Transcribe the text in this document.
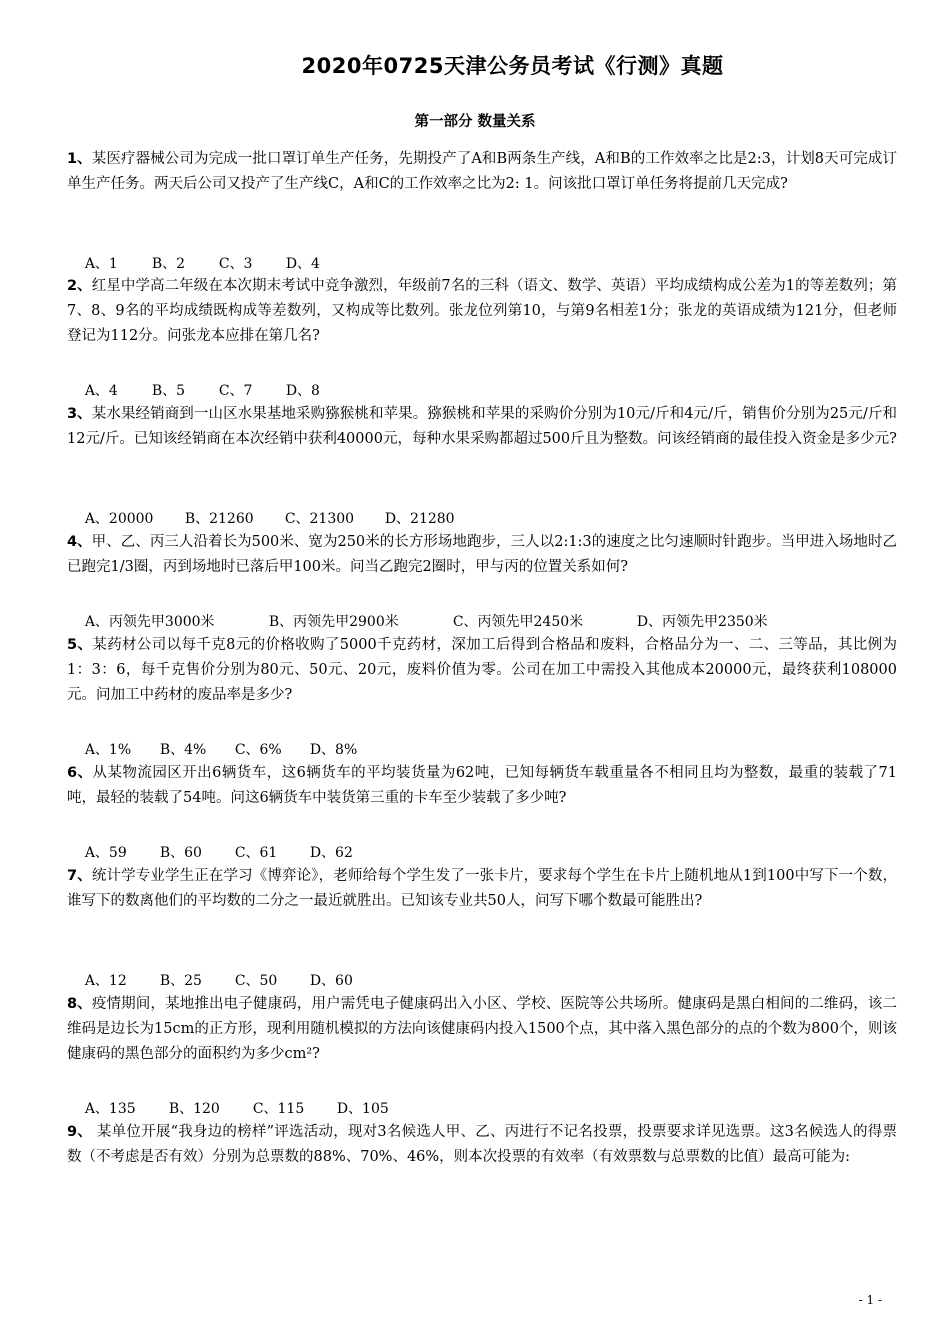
2020年0725天津公务员考试《行测》真题
第一部分 数量关系
1、某医疗器械公司为完成一批口罩订单生产任务，先期投产了A和B两条生产线，A和B的工作效率之比是2:3，计划8天可完成订单生产任务。两天后公司又投产了生产线C，A和C的工作效率之比为2: 1。问该批口罩订单任务将提前几天完成?

A、1 B、2 C、3 D、4

2、红星中学高二年级在本次期末考试中竞争激烈，年级前7名的三科（语文、数学、英语）平均成绩构成公差为1的等差数列；第7、8、9名的平均成绩既构成等差数列，又构成等比数列。张龙位列第10，与第9名相差1分；张龙的英语成绩为121分，但老师登记为112分。问张龙本应排在第几名?

A、4 B、5 C、7 D、8

3、某水果经销商到一山区水果基地采购猕猴桃和苹果。猕猴桃和苹果的采购价分别为10元/斤和4元/斤，销售价分别为25元/斤和12元/斤。已知该经销商在本次经销中获利40000元，每种水果采购都超过500斤且为整数。问该经销商的最佳投入资金是多少元?

A、20000 B、21260 C、21300 D、21280

4、甲、乙、丙三人沿着长为500米、宽为250米的长方形场地跑步，三人以2:1:3的速度之比匀速顺时针跑步。当甲进入场地时乙已跑完1/3圈，丙到场地时已落后甲100米。问当乙跑完2圈时，甲与丙的位置关系如何?

A、丙领先甲3000米	B、丙领先甲2900米	C、丙领先甲2450米	D、丙领先甲2350米

5、某药材公司以每千克8元的价格收购了5000千克药材，深加工后得到合格品和废料，合格品分为一、二、三等品，其比例为1：3：6，每千克售价分别为80元、50元、20元，废料价值为零。公司在加工中需投入其他成本20000元，最终获利108000元。问加工中药材的废品率是多少?

A、1% B、4% C、6% D、8%

6、从某物流园区开出6辆货车，这6辆货车的平均装货量为62吨，已知每辆货车载重量各不相同且均为整数，最重的装载了71吨，最轻的装载了54吨。问这6辆货车中装货第三重的卡车至少装载了多少吨?

A、59 B、60 C、61 D、62

7、统计学专业学生正在学习《博弈论》，老师给每个学生发了一张卡片，要求每个学生在卡片上随机地从1到100中写下一个数，谁写下的数离他们的平均数的二分之一最近就胜出。已知该专业共50人，问写下哪个数最可能胜出?

A、12 B、25 C、50 D、60

8、疫情期间，某地推出电子健康码，用户需凭电子健康码出入小区、学校、医院等公共场所。健康码是黑白相间的二维码，该二维码是边长为15cm的正方形，现利用随机模拟的方法向该健康码内投入1500个点，其中落入黑色部分的点的个数为800个，则该健康码的黑色部分的面积约为多少cm²?

A、135 B、120 C、115 D、105

9、 某单位开展“我身边的榜样”评选活动，现对3名候选人甲、乙、丙进行不记名投票，投票要求详见选票。这3名候选人的得票数（不考虑是否有效）分别为总票数的88%、70%、46%，则本次投票的有效率（有效票数与总票数的比值）最高可能为:
- 1 -
